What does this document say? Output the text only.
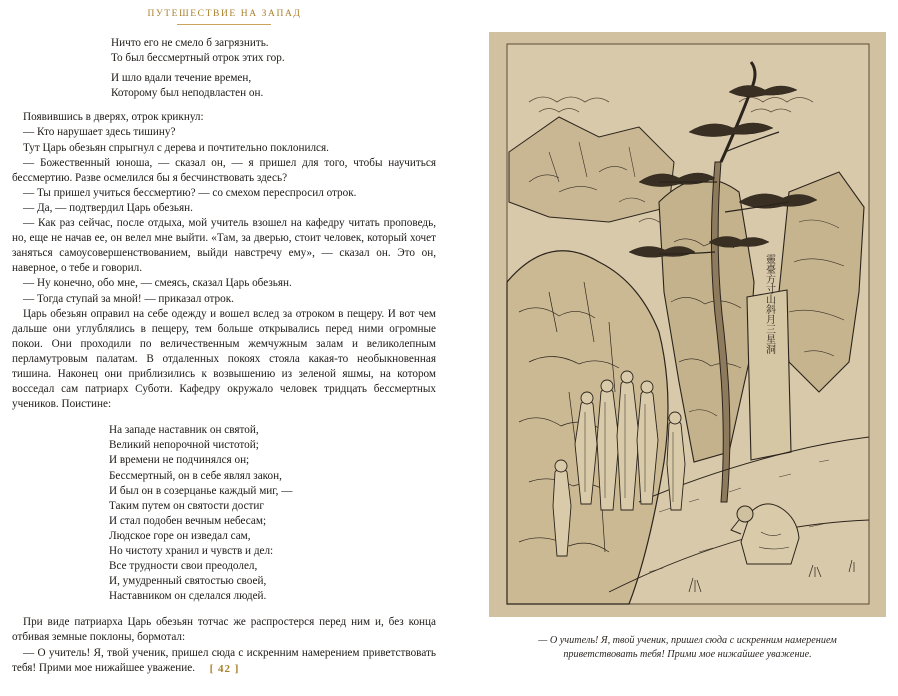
ПУТЕШЕСТВИЕ НА ЗАПАД
Ничто его не смело б загрязнить.
То был бессмертный отрок этих гор.
И шло вдали течение времен,
Которому был неподвластен он.

Появившись в дверях, отрок крикнул:

— Кто нарушает здесь тишину?

Тут Царь обезьян спрыгнул с дерева и почтительно поклонился.

— Божественный юноша, — сказал он, — я пришел для того, чтобы научиться бессмертию. Разве осмелился бы я бесчинствовать здесь?

— Ты пришел учиться бессмертию? — со смехом переспросил отрок.

— Да, — подтвердил Царь обезьян.

— Как раз сейчас, после отдыха, мой учитель взошел на кафедру читать проповедь, но, еще не начав ее, он велел мне выйти. «Там, за дверью, стоит человек, который хочет заняться самоусовершенствованием, выйди навстречу ему», — сказал он. Это он, наверное, о тебе и говорил.

— Ну конечно, обо мне, — смеясь, сказал Царь обезьян.

— Тогда ступай за мной! — приказал отрок.

Царь обезьян оправил на себе одежду и вошел вслед за отроком в пещеру. И вот чем дальше они углублялись в пещеру, тем больше открывались перед ними огромные покои. Они проходили по величественным жемчужным залам и великолепным перламутровым палатам. В отдаленных покоях стояла какая-то необыкновенная тишина. Наконец они приблизились к возвышению из зеленой яшмы, на котором восседал сам патриарх Суботи. Кафедру окружало человек тридцать бессмертных учеников. Поистине:

На западе наставник он святой,
Великий непорочной чистотой;
И времени не подчинялся он;
Бессмертный, он в себе являл закон,
И был он в созерцанье каждый миг, —
Таким путем он святости достиг
И стал подобен вечным небесам;
Людское горе он изведал сам,
Но чистоту хранил и чувств и дел:
Все трудности свои преодолел,
И, умудренный святостью своей,
Наставником он сделался людей.

При виде патриарха Царь обезьян тотчас же распростерся перед ним и, без конца отбивая земные поклоны, бормотал:

— О учитель! Я, твой ученик, пришел сюда с искренним намерением приветствовать тебя! Прими мое нижайшее уважение.	[ 42 ]
靈臺方寸山斜月三星洞
— О учитель! Я, твой ученик, пришел сюда с искренним намерением
приветствовать тебя! Прими мое нижайшее уважение.
